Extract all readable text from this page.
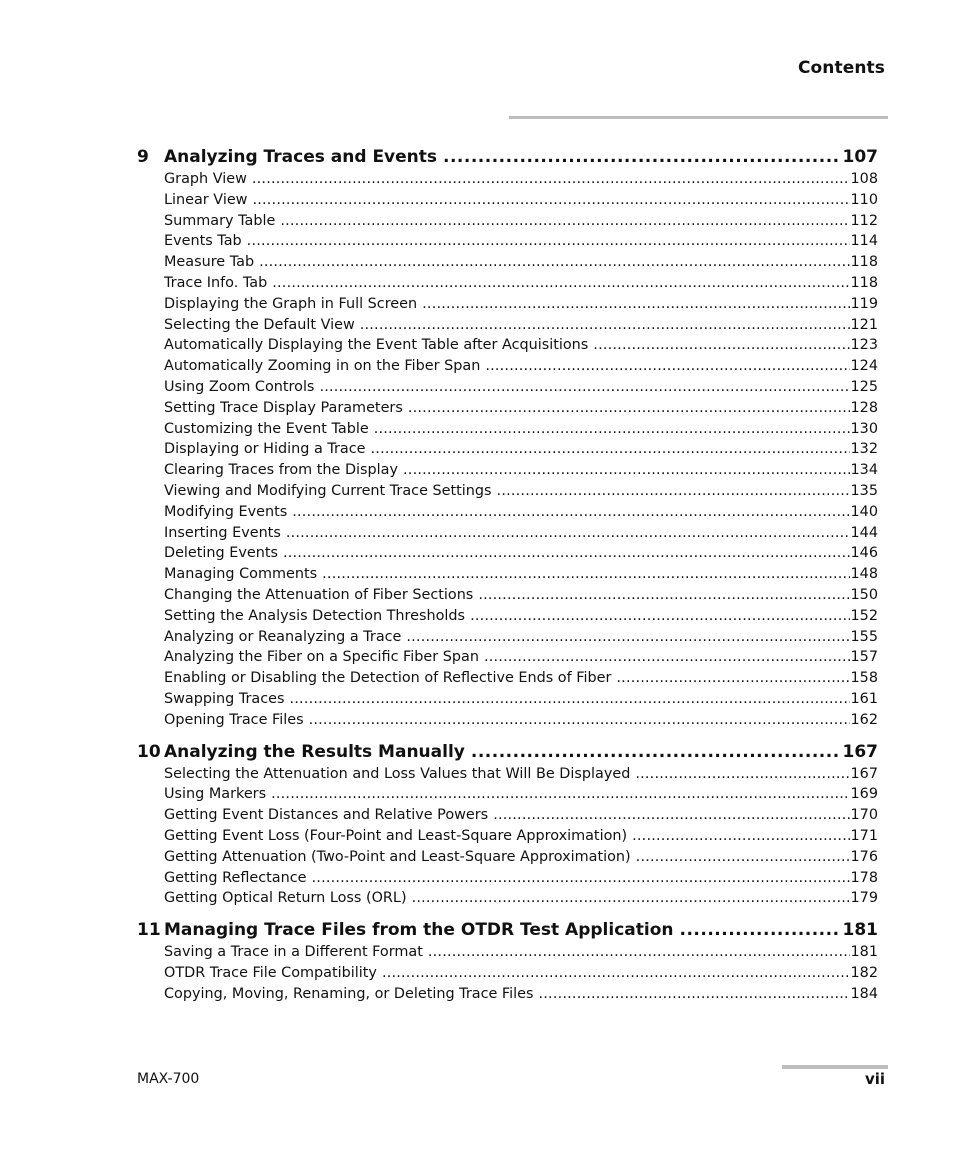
Contents
9 Analyzing Traces and Events .....	107
Graph View .....	108
Linear View .....	110
Summary Table .....	112
Events Tab .....	114
Measure Tab .....	118
Trace Info. Tab .....	118
Displaying the Graph in Full Screen .....	119
Selecting the Default View .....	121
Automatically Displaying the Event Table after Acquisitions .....	123
Automatically Zooming in on the Fiber Span .....	124
Using Zoom Controls .....	125
Setting Trace Display Parameters .....	128
Customizing the Event Table .....	130
Displaying or Hiding a Trace .....	132
Clearing Traces from the Display .....	134
Viewing and Modifying Current Trace Settings .....	135
Modifying Events .....	140
Inserting Events .....	144
Deleting Events .....	146
Managing Comments .....	148
Changing the Attenuation of Fiber Sections .....	150
Setting the Analysis Detection Thresholds .....	152
Analyzing or Reanalyzing a Trace .....	155
Analyzing the Fiber on a Specific Fiber Span .....	157
Enabling or Disabling the Detection of Reflective Ends of Fiber .....	158
Swapping Traces .....	161
Opening Trace Files .....	162
10 Analyzing the Results Manually .....	167
Selecting the Attenuation and Loss Values that Will Be Displayed .....	167
Using Markers .....	169
Getting Event Distances and Relative Powers .....	170
Getting Event Loss (Four-Point and Least-Square Approximation) .....	171
Getting Attenuation (Two-Point and Least-Square Approximation) .....	176
Getting Reflectance .....	178
Getting Optical Return Loss (ORL) .....	179
11 Managing Trace Files from the OTDR Test Application .....	181
Saving a Trace in a Different Format .....	181
OTDR Trace File Compatibility .....	182
Copying, Moving, Renaming, or Deleting Trace Files .....	184
MAX-700	vii
